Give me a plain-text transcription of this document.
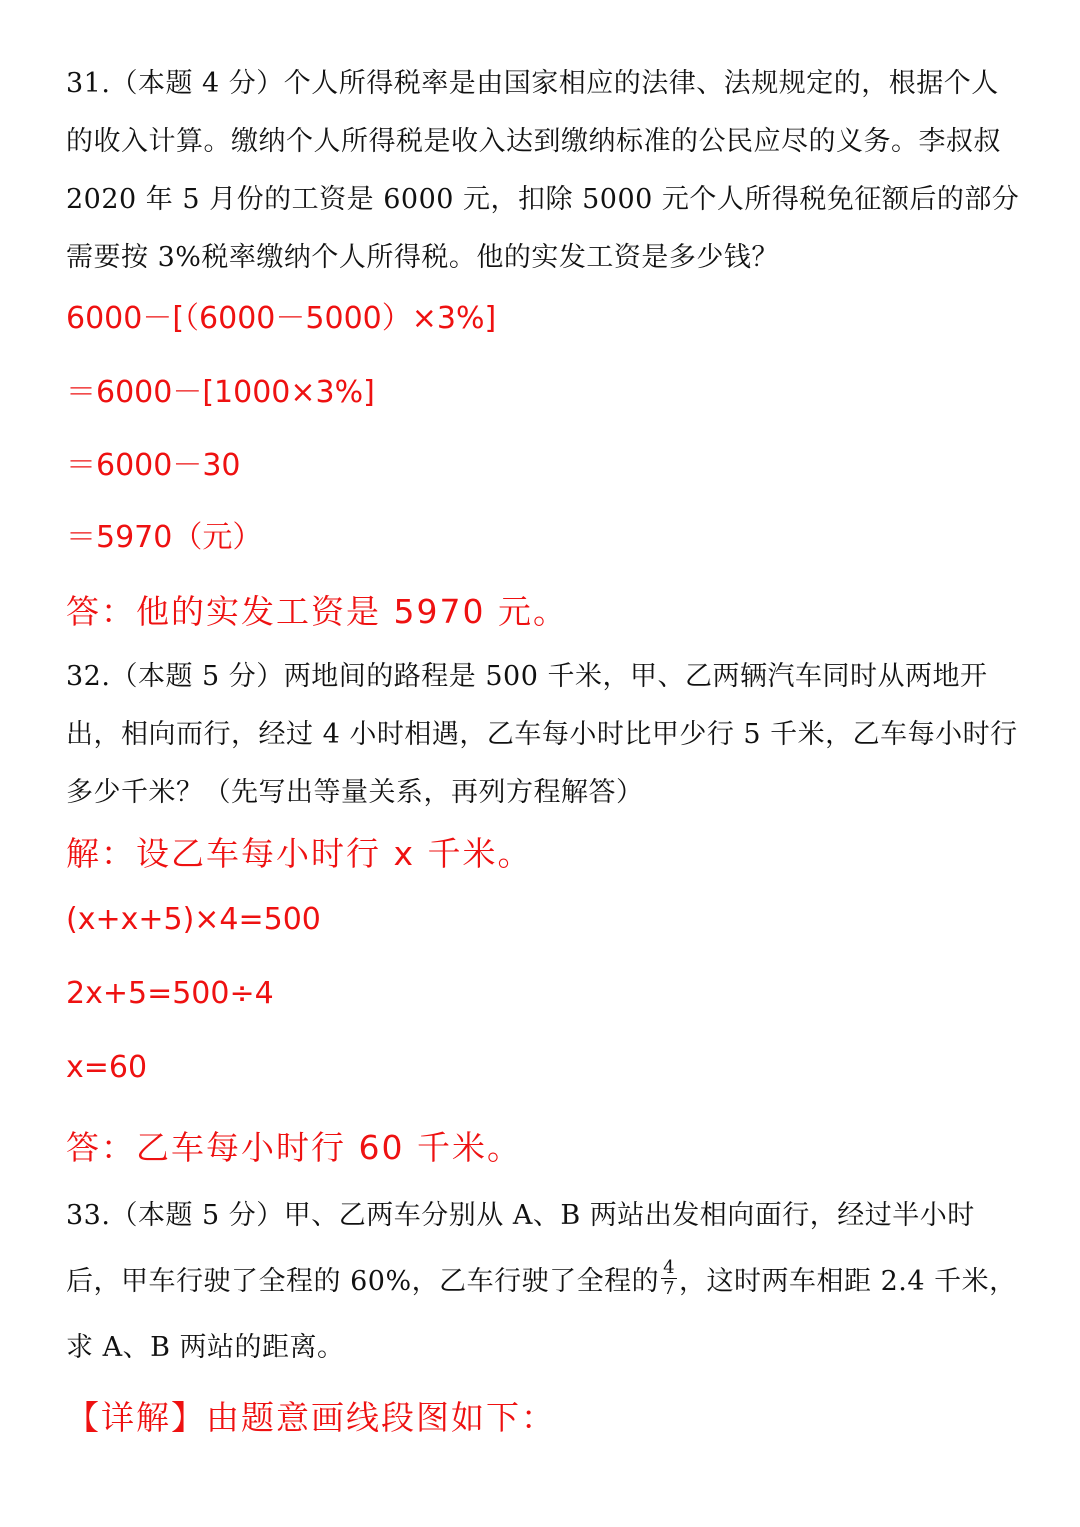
31.（本题 4 分）个人所得税率是由国家相应的法律、法规规定的，根据个人的收入计算。缴纳个人所得税是收入达到缴纳标准的公民应尽的义务。李叔叔 2020 年 5 月份的工资是 6000 元，扣除 5000 元个人所得税免征额后的部分需要按 3%税率缴纳个人所得税。他的实发工资是多少钱？
6000－[（6000－5000）×3%]
＝6000－[1000×3%]
＝6000－30
＝5970（元）
答：他的实发工资是 5970 元。
32.（本题 5 分）两地间的路程是 500 千米，甲、乙两辆汽车同时从两地开出，相向而行，经过 4 小时相遇，乙车每小时比甲少行 5 千米，乙车每小时行多少千米？（先写出等量关系，再列方程解答）
解：设乙车每小时行 x 千米。
(x+x+5)×4=500
2x+5=500÷4
x=60
答：乙车每小时行 60 千米。
33.（本题 5 分）甲、乙两车分别从 A、B 两站出发相向面行，经过半小时后，甲车行驶了全程的 60%，乙车行驶了全程的 $\frac{4}{7}$ ，这时两车相距 2.4 千米，求 A、B 两站的距离。
【详解】由题意画线段图如下：
